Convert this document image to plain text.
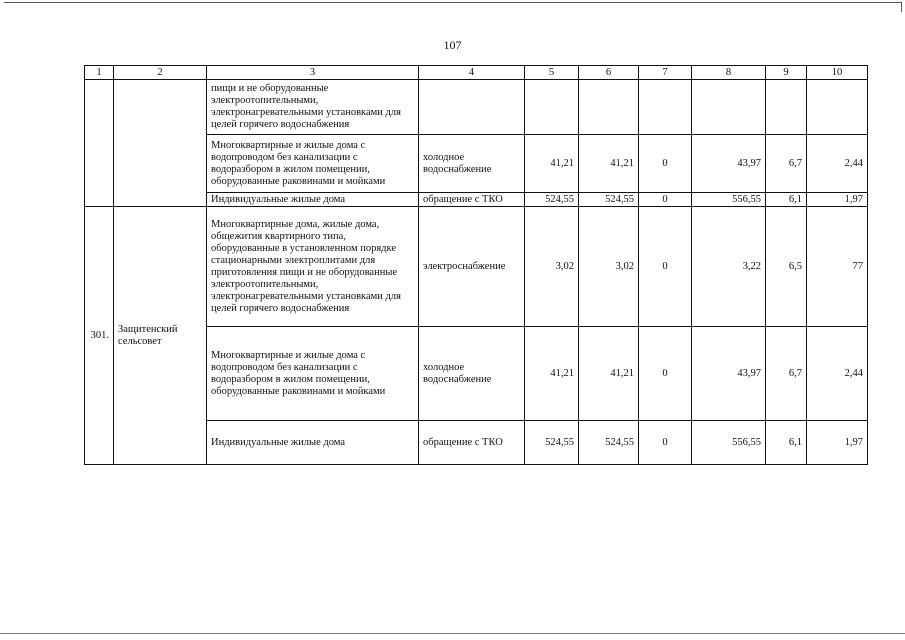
107
1	2	3	4	5	6	7	8	9	10
		пищи и не оборудованные электроотопительными, электронагревательными установками для целей горячего водоснабжения							
		Многоквартирные и жилые дома с водопроводом без канализации с водоразбором в жилом помещении, оборудованные раковинами и мойками	холодное водоснабжение	41,21	41,21	0	43,97	6,7	2,44
		Индивидуальные жилые дома	обращение с ТКО	524,55	524,55	0	556,55	6,1	1,97
301.	Защитенский сельсовет	Многоквартирные дома, жилые дома, общежития квартирного типа, оборудованные в установленном порядке стационарными электроплитами для приготовления пищи и не оборудованные электроотопительными, электронагревательными установками для целей горячего водоснабжения	электроснабжение	3,02	3,02	0	3,22	6,5	77
		Многоквартирные и жилые дома с водопроводом без канализации с водоразбором в жилом помещении, оборудованные раковинами и мойками	холодное водоснабжение	41,21	41,21	0	43,97	6,7	2,44
		Индивидуальные жилые дома	обращение с ТКО	524,55	524,55	0	556,55	6,1	1,97
